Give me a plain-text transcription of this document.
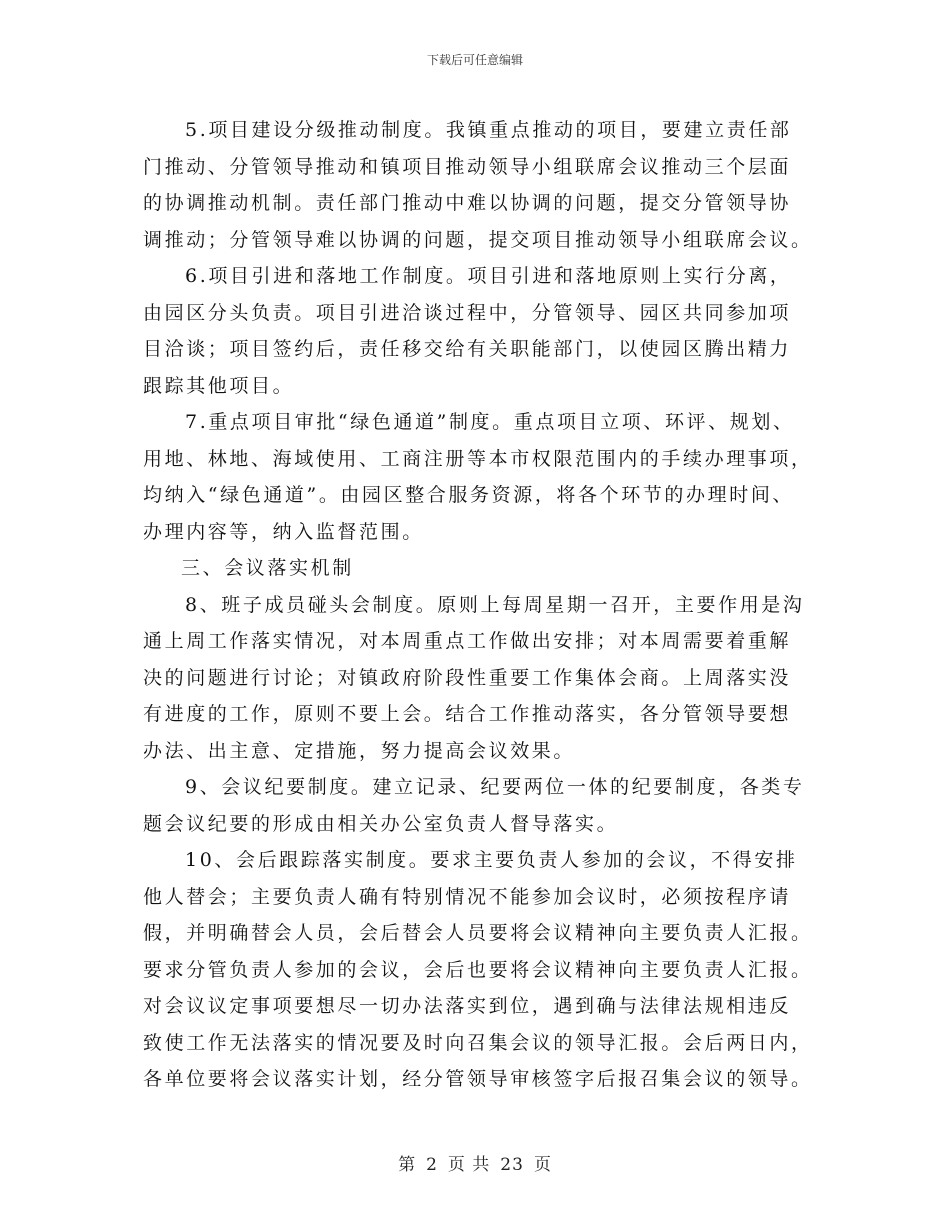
下载后可任意编辑
5.项目建设分级推动制度。我镇重点推动的项目，要建立责任部
门推动、分管领导推动和镇项目推动领导小组联席会议推动三个层面
的协调推动机制。责任部门推动中难以协调的问题，提交分管领导协
调推动；分管领导难以协调的问题，提交项目推动领导小组联席会议。
6.项目引进和落地工作制度。项目引进和落地原则上实行分离，
由园区分头负责。项目引进洽谈过程中，分管领导、园区共同参加项
目洽谈；项目签约后，责任移交给有关职能部门，以使园区腾出精力
跟踪其他项目。
7.重点项目审批“绿色通道”制度。重点项目立项、环评、规划、
用地、林地、海域使用、工商注册等本市权限范围内的手续办理事项，
均纳入“绿色通道”。由园区整合服务资源，将各个环节的办理时间、
办理内容等，纳入监督范围。
三、会议落实机制
8、班子成员碰头会制度。原则上每周星期一召开，主要作用是沟
通上周工作落实情况，对本周重点工作做出安排；对本周需要着重解
决的问题进行讨论；对镇政府阶段性重要工作集体会商。上周落实没
有进度的工作，原则不要上会。结合工作推动落实，各分管领导要想
办法、出主意、定措施，努力提高会议效果。
9、会议纪要制度。建立记录、纪要两位一体的纪要制度，各类专
题会议纪要的形成由相关办公室负责人督导落实。
10、会后跟踪落实制度。要求主要负责人参加的会议，不得安排
他人替会；主要负责人确有特别情况不能参加会议时，必须按程序请
假，并明确替会人员，会后替会人员要将会议精神向主要负责人汇报。
要求分管负责人参加的会议，会后也要将会议精神向主要负责人汇报。
对会议议定事项要想尽一切办法落实到位，遇到确与法律法规相违反
致使工作无法落实的情况要及时向召集会议的领导汇报。会后两日内，
各单位要将会议落实计划，经分管领导审核签字后报召集会议的领导。
第 2 页 共 23 页
